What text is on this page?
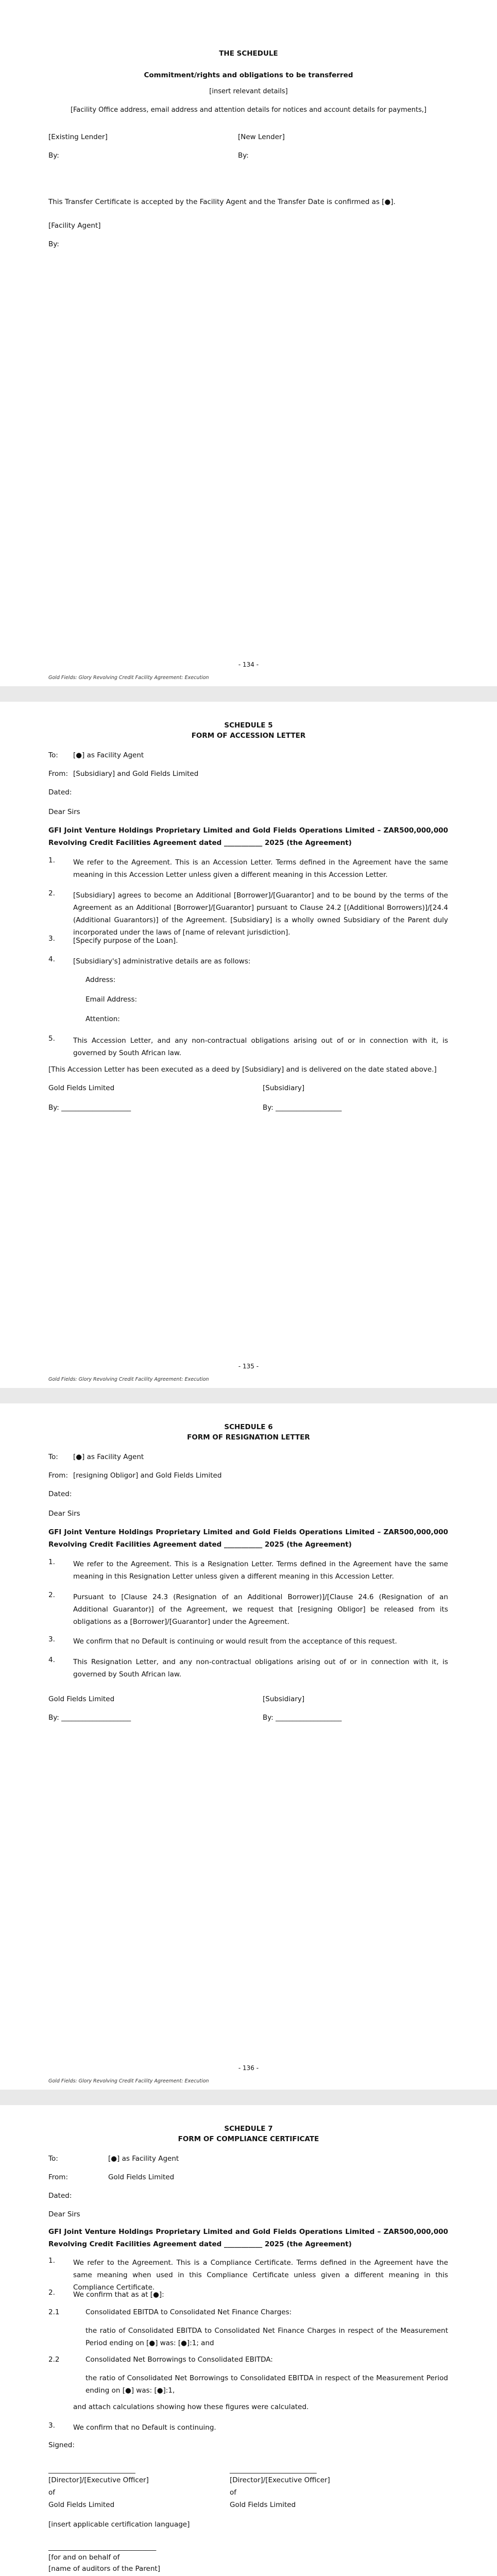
THE SCHEDULE
Commitment/rights and obligations to be transferred
[insert relevant details]
[Facility Office address, email address and attention details for notices and account details for payments,]
[Existing Lender]	[New Lender]
By:	By:
This Transfer Certificate is accepted by the Facility Agent and the Transfer Date is confirmed as [●].
[Facility Agent]
By:
- 134 -
Gold Fields: Glory Revolving Credit Facility Agreement: Execution
SCHEDULE 5
FORM OF ACCESSION LETTER
To: [●] as Facility Agent
From: [Subsidiary] and Gold Fields Limited
Dated:
Dear Sirs
GFI Joint Venture Holdings Proprietary Limited and Gold Fields Operations Limited – ZAR500,000,000 Revolving Credit Facilities Agreement dated ___________ 2025 (the Agreement)
1.	We refer to the Agreement. This is an Accession Letter. Terms defined in the Agreement have the same meaning in this Accession Letter unless given a different meaning in this Accession Letter.
2.	[Subsidiary] agrees to become an Additional [Borrower]/[Guarantor] and to be bound by the terms of the Agreement as an Additional [Borrower]/[Guarantor] pursuant to Clause 24.2 [(Additional Borrowers)]/[24.4 (Additional Guarantors)] of the Agreement. [Subsidiary] is a wholly owned Subsidiary of the Parent duly incorporated under the laws of [name of relevant jurisdiction].
3.	[Specify purpose of the Loan].
4.	[Subsidiary's] administrative details are as follows:
Address:
Email Address:
Attention:
5.	This Accession Letter, and any non-contractual obligations arising out of or in connection with it, is governed by South African law.
[This Accession Letter has been executed as a deed by [Subsidiary] and is delivered on the date stated above.]
Gold Fields Limited	[Subsidiary]
By: ____________________	By: ___________________
- 135 -
Gold Fields: Glory Revolving Credit Facility Agreement: Execution
SCHEDULE 6
FORM OF RESIGNATION LETTER
To: [●] as Facility Agent
From: [resigning Obligor] and Gold Fields Limited
Dated:
Dear Sirs
GFI Joint Venture Holdings Proprietary Limited and Gold Fields Operations Limited – ZAR500,000,000 Revolving Credit Facilities Agreement dated ___________ 2025 (the Agreement)
1.	We refer to the Agreement. This is a Resignation Letter. Terms defined in the Agreement have the same meaning in this Resignation Letter unless given a different meaning in this Accession Letter.
2.	Pursuant to [Clause 24.3 (Resignation of an Additional Borrower)]/[Clause 24.6 (Resignation of an Additional Guarantor)] of the Agreement, we request that [resigning Obligor] be released from its obligations as a [Borrower]/[Guarantor] under the Agreement.
3.	We confirm that no Default is continuing or would result from the acceptance of this request.
4.	This Resignation Letter, and any non-contractual obligations arising out of or in connection with it, is governed by South African law.
Gold Fields Limited	[Subsidiary]
By: ____________________	By: ___________________
- 136 -
Gold Fields: Glory Revolving Credit Facility Agreement: Execution
SCHEDULE 7
FORM OF COMPLIANCE CERTIFICATE
To:	[●] as Facility Agent
From:	Gold Fields Limited
Dated:
Dear Sirs
GFI Joint Venture Holdings Proprietary Limited and Gold Fields Operations Limited – ZAR500,000,000 Revolving Credit Facilities Agreement dated ___________ 2025 (the Agreement)
1.	We refer to the Agreement. This is a Compliance Certificate. Terms defined in the Agreement have the same meaning when used in this Compliance Certificate unless given a different meaning in this Compliance Certificate.
2.	We confirm that as at [●]:
2.1	Consolidated EBITDA to Consolidated Net Finance Charges:
the ratio of Consolidated EBITDA to Consolidated Net Finance Charges in respect of the Measurement Period ending on [●] was: [●]:1; and
2.2	Consolidated Net Borrowings to Consolidated EBITDA:
the ratio of Consolidated Net Borrowings to Consolidated EBITDA in respect of the Measurement Period ending on [●] was: [●]:1,
and attach calculations showing how these figures were calculated.
3.	We confirm that no Default is continuing.
Signed:
_________________________	_________________________
[Director]/[Executive Officer]	[Director]/[Executive Officer]
of	of
Gold Fields Limited	Gold Fields Limited
[insert applicable certification language]
_______________________________
[for and on behalf of
[name of auditors of the Parent]
